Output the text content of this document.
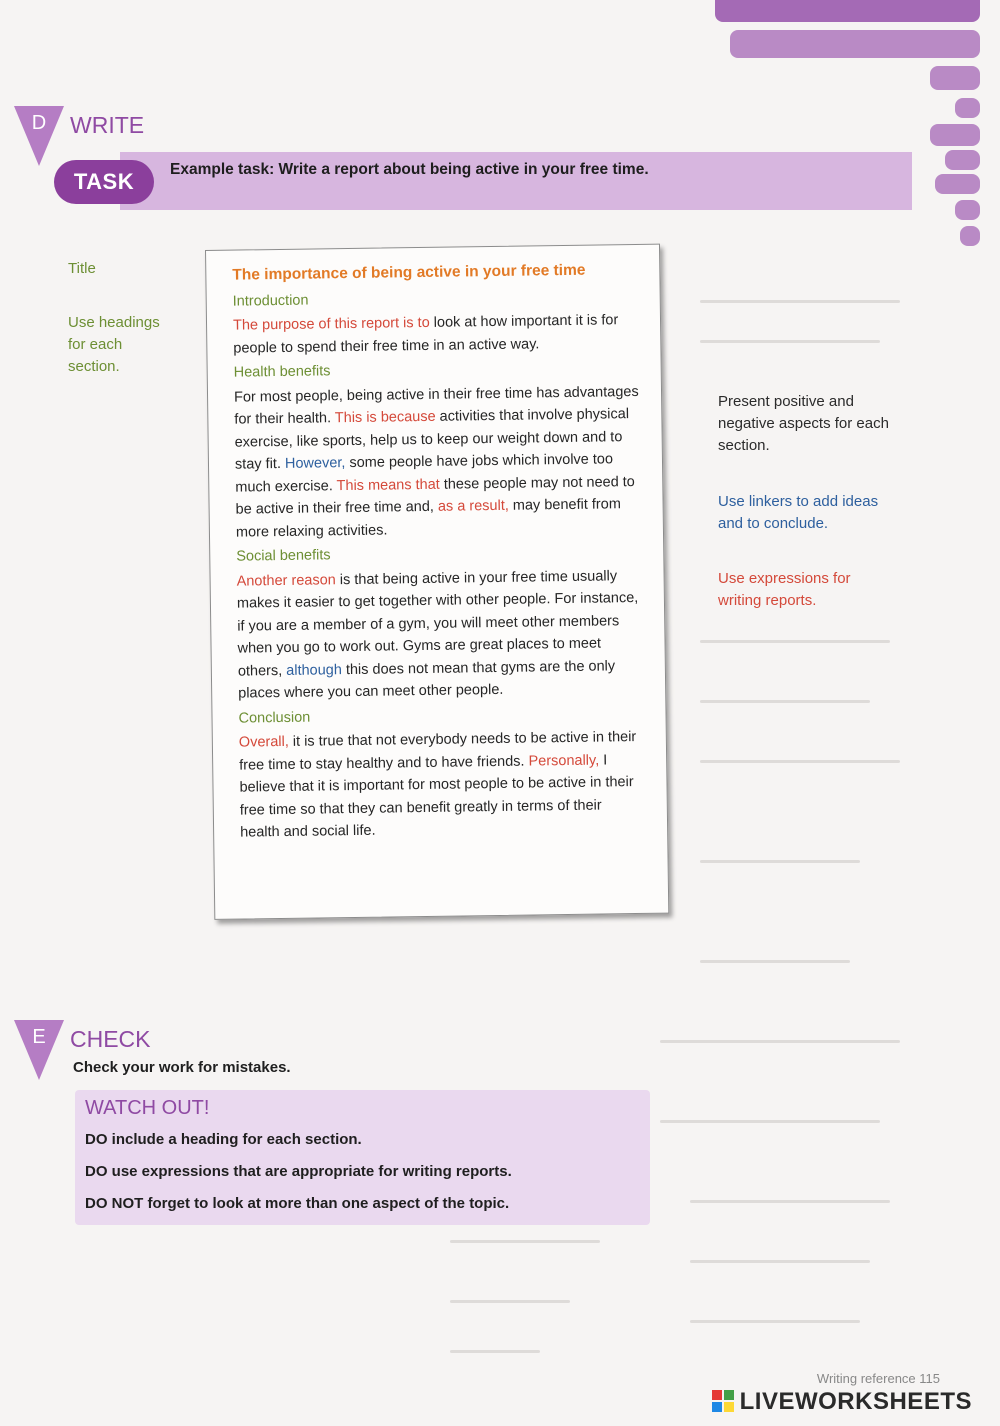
D	WRITE
TASK	Example task: Write a report about being active in your free time.
Title
Use headings
for each
section.
Present positive and
negative aspects for each
section.
Use linkers to add ideas
and to conclude.
Use expressions for
writing reports.
The importance of being active in your free time
Introduction

The purpose of this report is to look at how important it is for people to spend their free time in an active way.

Health benefits

For most people, being active in their free time has advantages for their health. This is because activities that involve physical exercise, like sports, help us to keep our weight down and to stay fit. However, some people have jobs which involve too much exercise. This means that these people may not need to be active in their free time and, as a result, may benefit from more relaxing activities.

Social benefits

Another reason is that being active in your free time usually makes it easier to get together with other people. For instance, if you are a member of a gym, you will meet other members when you go to work out. Gyms are great places to meet others, although this does not mean that gyms are the only places where you can meet other people.

Conclusion

Overall, it is true that not everybody needs to be active in their free time to stay healthy and to have friends. Personally, I believe that it is important for most people to be active in their free time so that they can benefit greatly in terms of their health and social life.

E	CHECK
Check your work for mistakes.
WATCH OUT!
DO include a heading for each section.
DO use expressions that are appropriate for writing reports.
DO NOT forget to look at more than one aspect of the topic.
Writing reference 115
LIVEWORKSHEETS
